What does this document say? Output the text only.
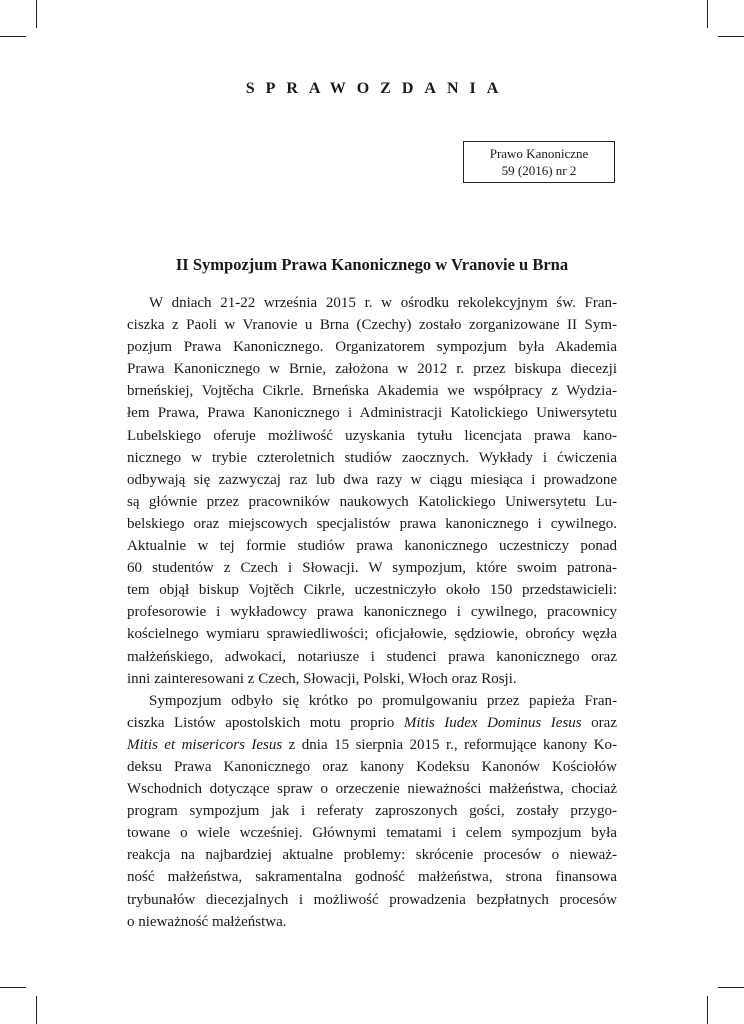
SPRAWOZDANIA
Prawo Kanoniczne
59 (2016) nr 2
II Sympozjum Prawa Kanonicznego w Vranovie u Brna
W dniach 21-22 września 2015 r. w ośrodku rekolekcyjnym św. Fran-
ciszka z Paoli w Vranovie u Brna (Czechy) zostało zorganizowane II Sym-
pozjum Prawa Kanonicznego. Organizatorem sympozjum była Akademia
Prawa Kanonicznego w Brnie, założona w 2012 r. przez biskupa diecezji
brneńskiej, Vojtěcha Cikrle. Brneńska Akademia we współpracy z Wydzia-
łem Prawa, Prawa Kanonicznego i Administracji Katolickiego Uniwersytetu
Lubelskiego oferuje możliwość uzyskania tytułu licencjata prawa kano-
nicznego w trybie czteroletnich studiów zaocznych. Wykłady i ćwiczenia
odbywają się zazwyczaj raz lub dwa razy w ciągu miesiąca i prowadzone
są głównie przez pracowników naukowych Katolickiego Uniwersytetu Lu-
belskiego oraz miejscowych specjalistów prawa kanonicznego i cywilnego.
Aktualnie w tej formie studiów prawa kanonicznego uczestniczy ponad
60 studentów z Czech i Słowacji. W sympozjum, które swoim patrona-
tem objął biskup Vojtěch Cikrle, uczestniczyło około 150 przedstawicieli:
profesorowie i wykładowcy prawa kanonicznego i cywilnego, pracownicy
kościelnego wymiaru sprawiedliwości; oficjałowie, sędziowie, obrońcy węzła
małżeńskiego, adwokaci, notariusze i studenci prawa kanonicznego oraz
inni zainteresowani z Czech, Słowacji, Polski, Włoch oraz Rosji.
Sympozjum odbyło się krótko po promulgowaniu przez papieża Fran-
ciszka Listów apostolskich motu proprio Mitis Iudex Dominus Iesus oraz
Mitis et misericors Iesus z dnia 15 sierpnia 2015 r., reformujące kanony Ko-
deksu Prawa Kanonicznego oraz kanony Kodeksu Kanonów Kościołów
Wschodnich dotyczące spraw o orzeczenie nieważności małżeństwa, chociaż
program sympozjum jak i referaty zaproszonych gości, zostały przygo-
towane o wiele wcześniej. Głównymi tematami i celem sympozjum była
reakcja na najbardziej aktualne problemy: skrócenie procesów o nieważ-
ność małżeństwa, sakramentalna godność małżeństwa, strona finansowa
trybunałów diecezjalnych i możliwość prowadzenia bezpłatnych procesów
o nieważność małżeństwa.
